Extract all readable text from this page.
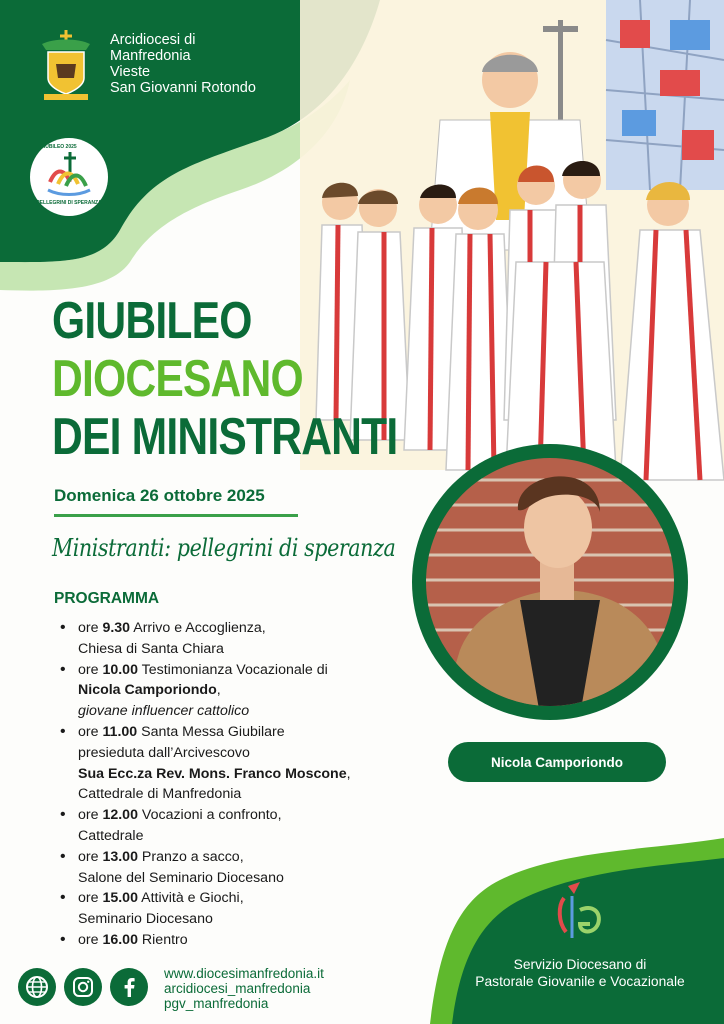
Arcidiocesi di
Manfredonia
Vieste
San Giovanni Rotondo
GIUBILEO 2025
PELLEGRINI DI SPERANZA
GIUBILEO
DIOCESANO
DEI MINISTRANTI
Domenica 26 ottobre 2025
Ministranti: pellegrini di speranza
PROGRAMMA
• ore 9.30 Arrivo e Accoglienza,
Chiesa di Santa Chiara
• ore 10.00 Testimonianza Vocazionale di
Nicola Camporiondo,
giovane influencer cattolico
• ore 11.00 Santa Messa Giubilare
presieduta dall’Arcivescovo
Sua Ecc.za Rev. Mons. Franco Moscone,
Cattedrale di Manfredonia
• ore 12.00 Vocazioni a confronto,
Cattedrale
• ore 13.00 Pranzo a sacco,
Salone del Seminario Diocesano
• ore 15.00 Attività e Giochi,
Seminario Diocesano
• ore 16.00 Rientro
Nicola Camporiondo
www.diocesimanfredonia.it
arcidiocesi_manfredonia
pgv_manfredonia
Servizio Diocesano di
Pastorale Giovanile e Vocazionale
